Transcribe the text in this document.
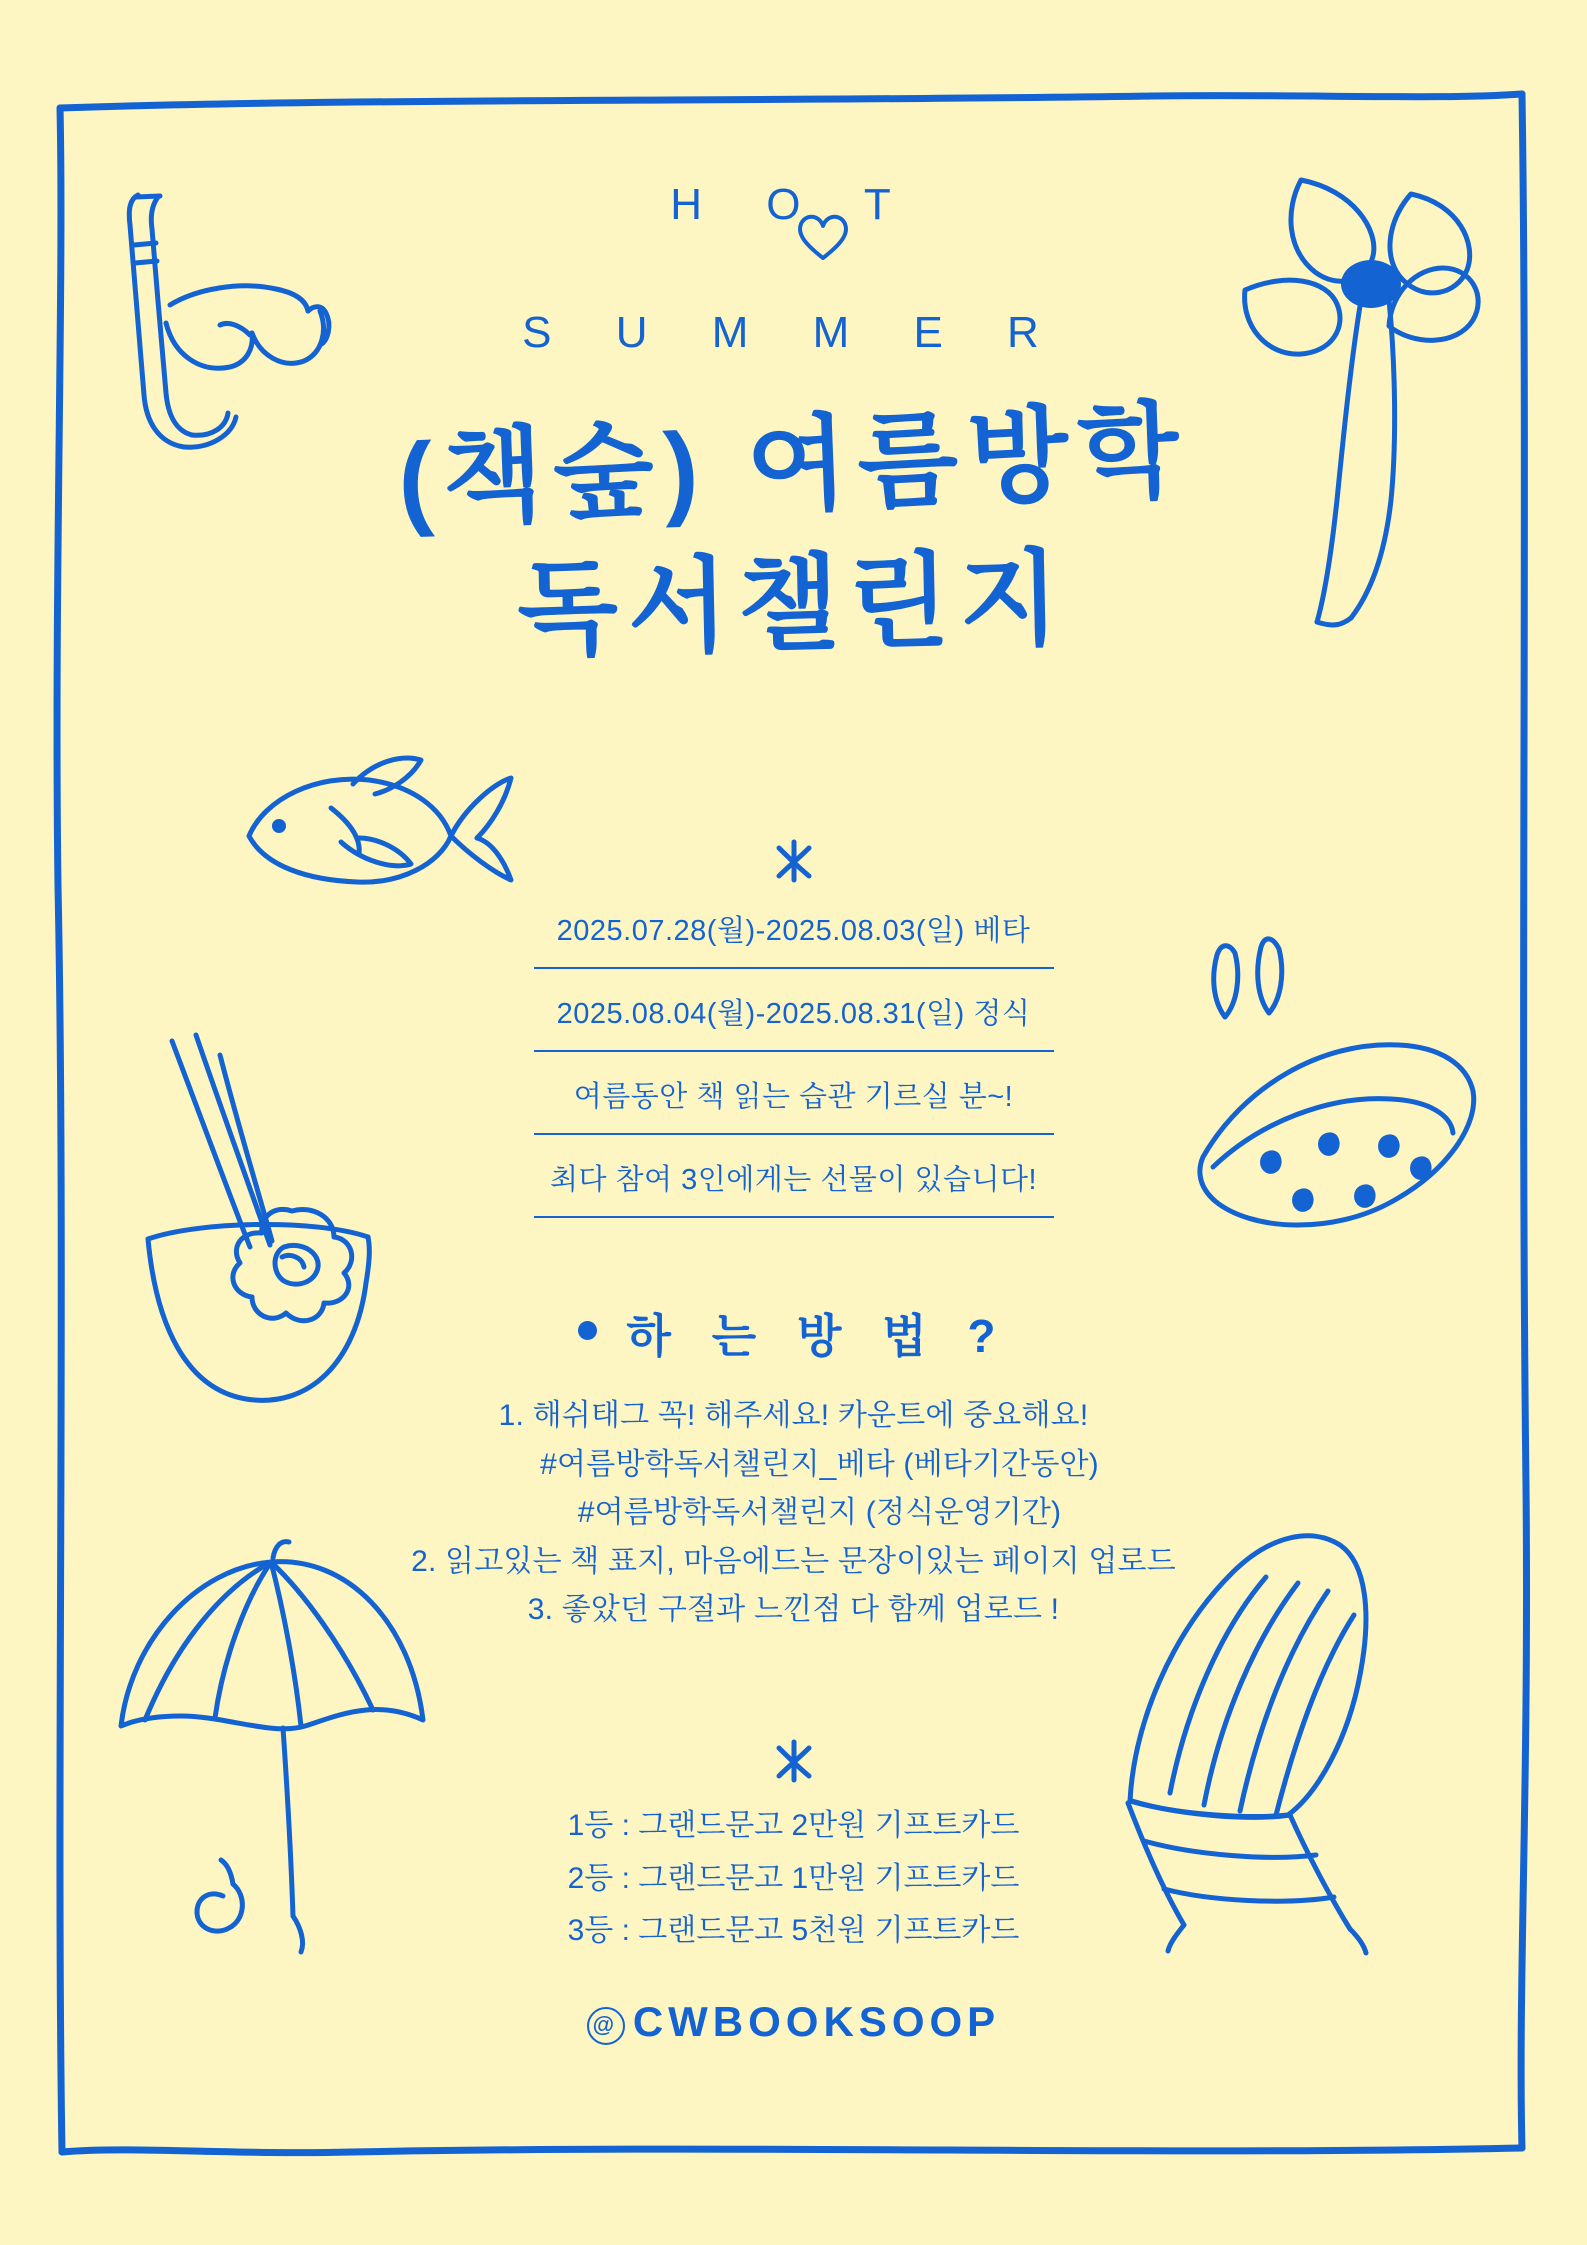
H O T
S U M M E R
(책숲) 여름방학
독서챌린지
2025.07.28(월)-2025.08.03(일) 베타
2025.08.04(월)-2025.08.31(일) 정식
여름동안 책 읽는 습관 기르실 분~!
최다 참여 3인에게는 선물이 있습니다!
하 는 방 법 ?
1. 해쉬태그 꼭! 해주세요! 카운트에 중요해요!
#여름방학독서챌린지_베타 (베타기간동안)
#여름방학독서챌린지 (정식운영기간)
2. 읽고있는 책 표지, 마음에드는 문장이있는 페이지 업로드
3. 좋았던 구절과 느낀점 다 함께 업로드 !
1등 : 그랜드문고 2만원 기프트카드
2등 : 그랜드문고 1만원 기프트카드
3등 : 그랜드문고 5천원 기프트카드
@ CWBOOKSOOP
